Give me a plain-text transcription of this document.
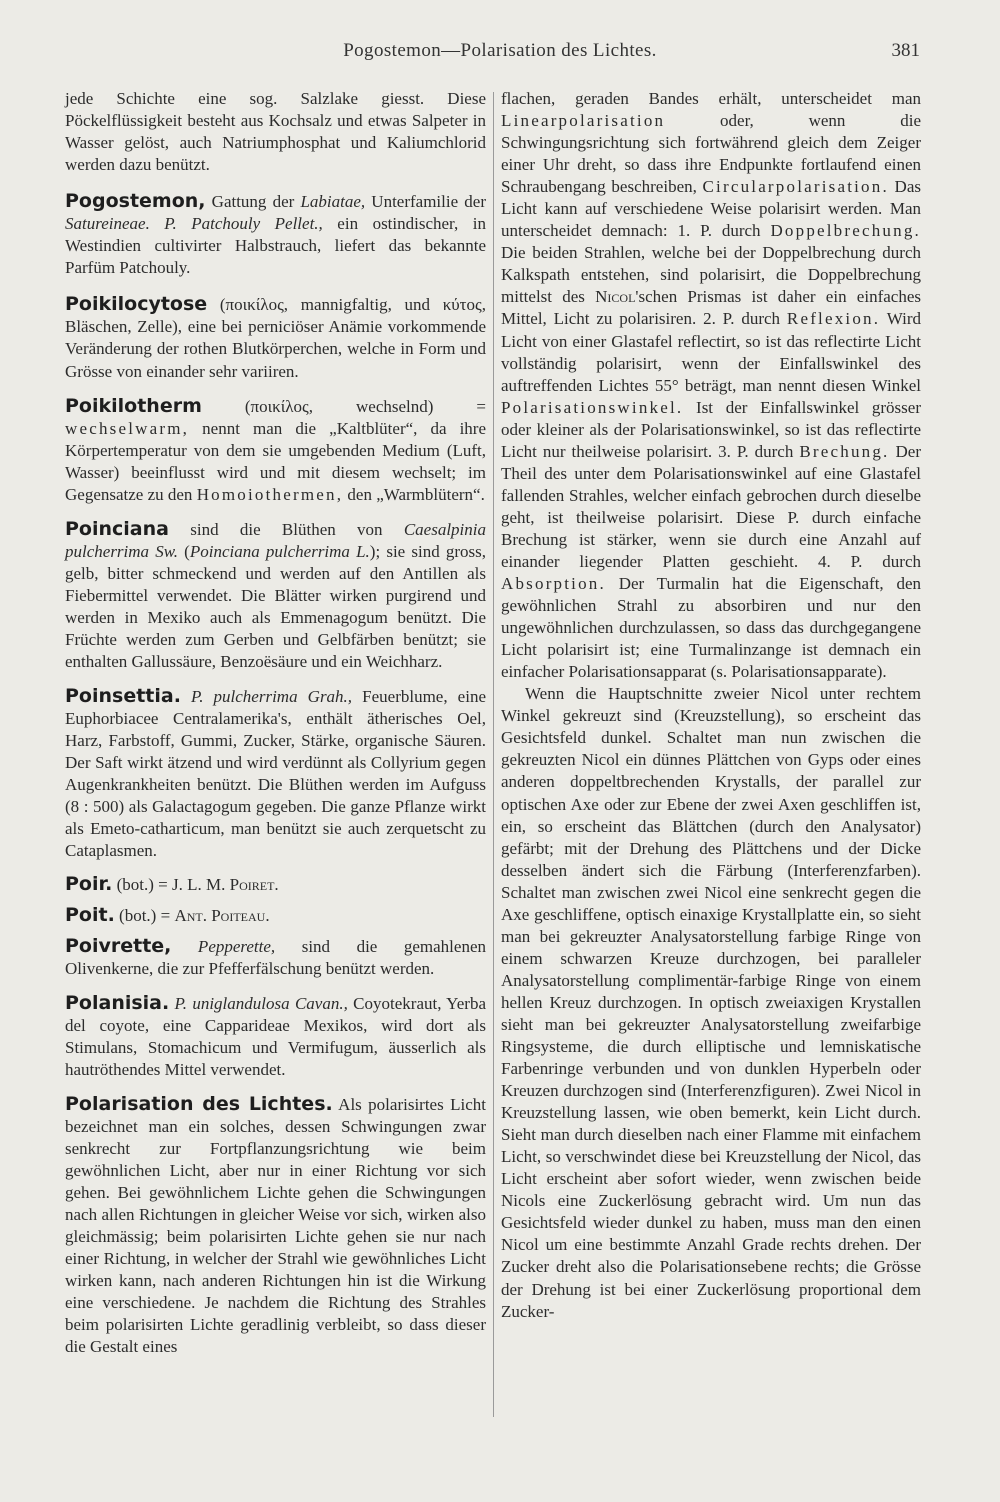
Pogostemon—Polarisation des Lichtes.	381

jede Schichte eine sog. Salzlake giesst. Diese Pöckelflüssigkeit besteht aus Kochsalz und etwas Salpeter in Wasser gelöst, auch Natriumphosphat und Kaliumchlorid werden dazu benützt.

Pogostemon, Gattung der Labiatae, Unterfamilie der Satureineae. P. Patchouly Pellet., ein ostindischer, in Westindien cultivirter Halbstrauch, liefert das bekannte Parfüm Patchouly.

Poikilocytose (ποικίλος, mannigfaltig, und κύτος, Bläschen, Zelle), eine bei perniciöser Anämie vorkommende Veränderung der rothen Blutkörperchen, welche in Form und Grösse von einander sehr variiren.

Poikilotherm (ποικίλος, wechselnd) = wechselwarm, nennt man die „Kaltblüter“, da ihre Körpertemperatur von dem sie umgebenden Medium (Luft, Wasser) beeinflusst wird und mit diesem wechselt; im Gegensatze zu den Homoiothermen, den „Warmblütern“.

Poinciana sind die Blüthen von Caesalpinia pulcherrima Sw. (Poinciana pulcherrima L.); sie sind gross, gelb, bitter schmeckend und werden auf den Antillen als Fiebermittel verwendet. Die Blätter wirken purgirend und werden in Mexiko auch als Emmenagogum benützt. Die Früchte werden zum Gerben und Gelbfärben benützt; sie enthalten Gallussäure, Benzoësäure und ein Weichharz.

Poinsettia. P. pulcherrima Grah., Feuerblume, eine Euphorbiacee Centralamerika's, enthält ätherisches Oel, Harz, Farbstoff, Gummi, Zucker, Stärke, organische Säuren. Der Saft wirkt ätzend und wird verdünnt als Collyrium gegen Augenkrankheiten benützt. Die Blüthen werden im Aufguss (8 : 500) als Galactagogum gegeben. Die ganze Pflanze wirkt als Emeto-catharticum, man benützt sie auch zerquetscht zu Cataplasmen.

Poir. (bot.) = J. L. M. Poiret.

Poit. (bot.) = Ant. Poiteau.

Poivrette, Pepperette, sind die gemahlenen Olivenkerne, die zur Pfefferfälschung benützt werden.

Polanisia. P. uniglandulosa Cavan., Coyotekraut, Yerba del coyote, eine Capparideae Mexikos, wird dort als Stimulans, Stomachicum und Vermifugum, äusserlich als hautröthendes Mittel verwendet.

Polarisation des Lichtes. Als polarisirtes Licht bezeichnet man ein solches, dessen Schwingungen zwar senkrecht zur Fortpflanzungsrichtung wie beim gewöhnlichen Licht, aber nur in einer Richtung vor sich gehen. Bei gewöhnlichem Lichte gehen die Schwingungen nach allen Richtungen in gleicher Weise vor sich, wirken also gleichmässig; beim polarisirten Lichte gehen sie nur nach einer Richtung, in welcher der Strahl wie gewöhnliches Licht wirken kann, nach anderen Richtungen hin ist die Wirkung eine verschiedene. Je nachdem die Richtung des Strahles beim polarisirten Lichte geradlinig verbleibt, so dass dieser die Gestalt eines

flachen, geraden Bandes erhält, unterscheidet man Linearpolarisation oder, wenn die Schwingungsrichtung sich fortwährend gleich dem Zeiger einer Uhr dreht, so dass ihre Endpunkte fortlaufend einen Schraubengang beschreiben, Circularpolarisation. Das Licht kann auf verschiedene Weise polarisirt werden. Man unterscheidet demnach: 1. P. durch Doppelbrechung. Die beiden Strahlen, welche bei der Doppelbrechung durch Kalkspath entstehen, sind polarisirt, die Doppelbrechung mittelst des Nicol'schen Prismas ist daher ein einfaches Mittel, Licht zu polarisiren. 2. P. durch Reflexion. Wird Licht von einer Glastafel reflectirt, so ist das reflectirte Licht vollständig polarisirt, wenn der Einfallswinkel des auftreffenden Lichtes 55° beträgt, man nennt diesen Winkel Polarisationswinkel. Ist der Einfallswinkel grösser oder kleiner als der Polarisationswinkel, so ist das reflectirte Licht nur theilweise polarisirt. 3. P. durch Brechung. Der Theil des unter dem Polarisationswinkel auf eine Glastafel fallenden Strahles, welcher einfach gebrochen durch dieselbe geht, ist theilweise polarisirt. Diese P. durch einfache Brechung ist stärker, wenn sie durch eine Anzahl auf einander liegender Platten geschieht. 4. P. durch Absorption. Der Turmalin hat die Eigenschaft, den gewöhnlichen Strahl zu absorbiren und nur den ungewöhnlichen durchzulassen, so dass das durchgegangene Licht polarisirt ist; eine Turmalinzange ist demnach ein einfacher Polarisationsapparat (s. Polarisationsapparate).

Wenn die Hauptschnitte zweier Nicol unter rechtem Winkel gekreuzt sind (Kreuzstellung), so erscheint das Gesichtsfeld dunkel. Schaltet man nun zwischen die gekreuzten Nicol ein dünnes Plättchen von Gyps oder eines anderen doppeltbrechenden Krystalls, der parallel zur optischen Axe oder zur Ebene der zwei Axen geschliffen ist, ein, so erscheint das Blättchen (durch den Analysator) gefärbt; mit der Drehung des Plättchens und der Dicke desselben ändert sich die Färbung (Interferenzfarben). Schaltet man zwischen zwei Nicol eine senkrecht gegen die Axe geschliffene, optisch einaxige Krystallplatte ein, so sieht man bei gekreuzter Analysatorstellung farbige Ringe von einem schwarzen Kreuze durchzogen, bei paralleler Analysatorstellung complimentär-farbige Ringe von einem hellen Kreuz durchzogen. In optisch zweiaxigen Krystallen sieht man bei gekreuzter Analysatorstellung zweifarbige Ringsysteme, die durch elliptische und lemniskatische Farbenringe verbunden und von dunklen Hyperbeln oder Kreuzen durchzogen sind (Interferenzfiguren). Zwei Nicol in Kreuzstellung lassen, wie oben bemerkt, kein Licht durch. Sieht man durch dieselben nach einer Flamme mit einfachem Licht, so verschwindet diese bei Kreuzstellung der Nicol, das Licht erscheint aber sofort wieder, wenn zwischen beide Nicols eine Zuckerlösung gebracht wird. Um nun das Gesichtsfeld wieder dunkel zu haben, muss man den einen Nicol um eine bestimmte Anzahl Grade rechts drehen. Der Zucker dreht also die Polarisationsebene rechts; die Grösse der Drehung ist bei einer Zuckerlösung proportional dem Zucker-
